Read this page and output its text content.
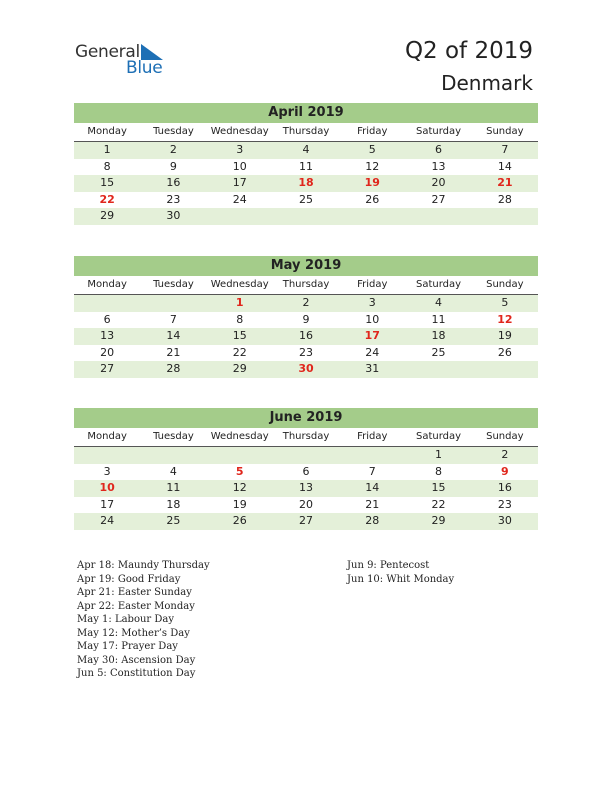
General
Blue
Q2 of 2019
Denmark
April 2019
Monday	Tuesday	Wednesday	Thursday	Friday	Saturday	Sunday
1	2	3	4	5	6	7
8	9	10	11	12	13	14
15	16	17	18	19	20	21
22	23	24	25	26	27	28
29	30					
May 2019
Monday	Tuesday	Wednesday	Thursday	Friday	Saturday	Sunday
		1	2	3	4	5
6	7	8	9	10	11	12
13	14	15	16	17	18	19
20	21	22	23	24	25	26
27	28	29	30	31		
June 2019
Monday	Tuesday	Wednesday	Thursday	Friday	Saturday	Sunday
					1	2
3	4	5	6	7	8	9
10	11	12	13	14	15	16
17	18	19	20	21	22	23
24	25	26	27	28	29	30
Apr 18: Maundy Thursday
Apr 19: Good Friday
Apr 21: Easter Sunday
Apr 22: Easter Monday
May 1: Labour Day
May 12: Mother’s Day
May 17: Prayer Day
May 30: Ascension Day
Jun 5: Constitution Day
Jun 9: Pentecost
Jun 10: Whit Monday
